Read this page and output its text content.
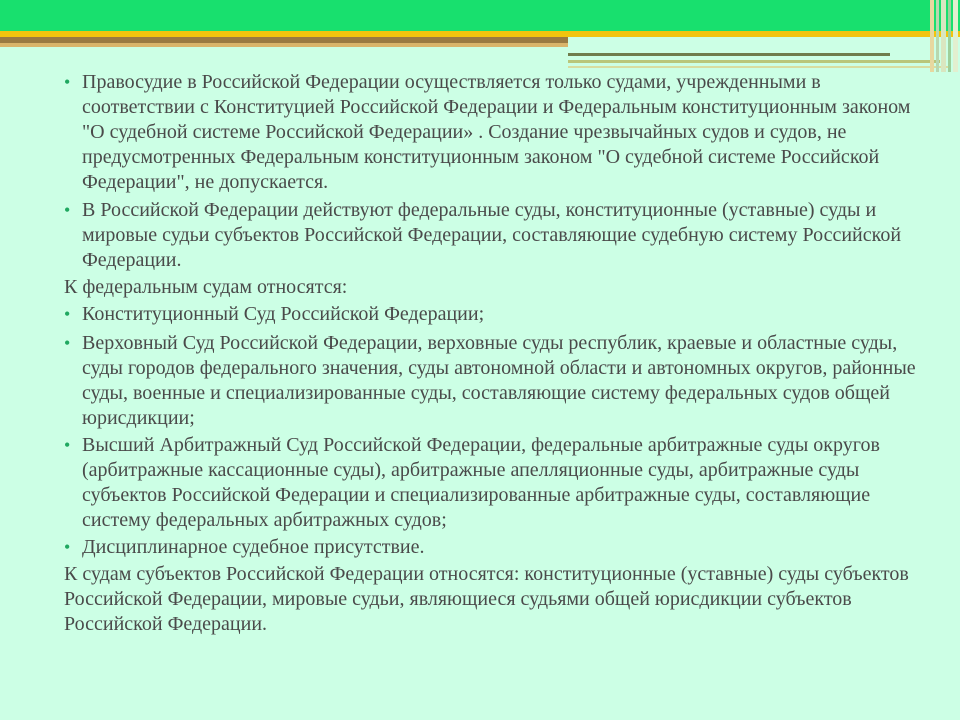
• Правосудие в Российской Федерации осуществляется только судами, учрежденными в соответствии с Конституцией Российской Федерации и Федеральным конституционным законом "О судебной системе Российской Федерации» . Создание чрезвычайных судов и судов, не предусмотренных Федеральным конституционным законом "О судебной системе Российской Федерации", не допускается.
• В Российской Федерации действуют федеральные суды, конституционные (уставные) суды и мировые судьи субъектов Российской Федерации, составляющие судебную систему Российской Федерации.
К федеральным судам относятся:
• Конституционный Суд Российской Федерации;
• Верховный Суд Российской Федерации, верховные суды республик, краевые и областные суды, суды городов федерального значения, суды автономной области и автономных округов, районные суды, военные и специализированные суды, составляющие систему федеральных судов общей юрисдикции;
• Высший Арбитражный Суд Российской Федерации, федеральные арбитражные суды округов (арбитражные кассационные суды), арбитражные апелляционные суды, арбитражные суды субъектов Российской Федерации и специализированные арбитражные суды, составляющие систему федеральных арбитражных судов;
• Дисциплинарное судебное присутствие.
К судам субъектов Российской Федерации относятся: конституционные (уставные) суды субъектов Российской Федерации, мировые судьи, являющиеся судьями общей юрисдикции субъектов Российской Федерации.
